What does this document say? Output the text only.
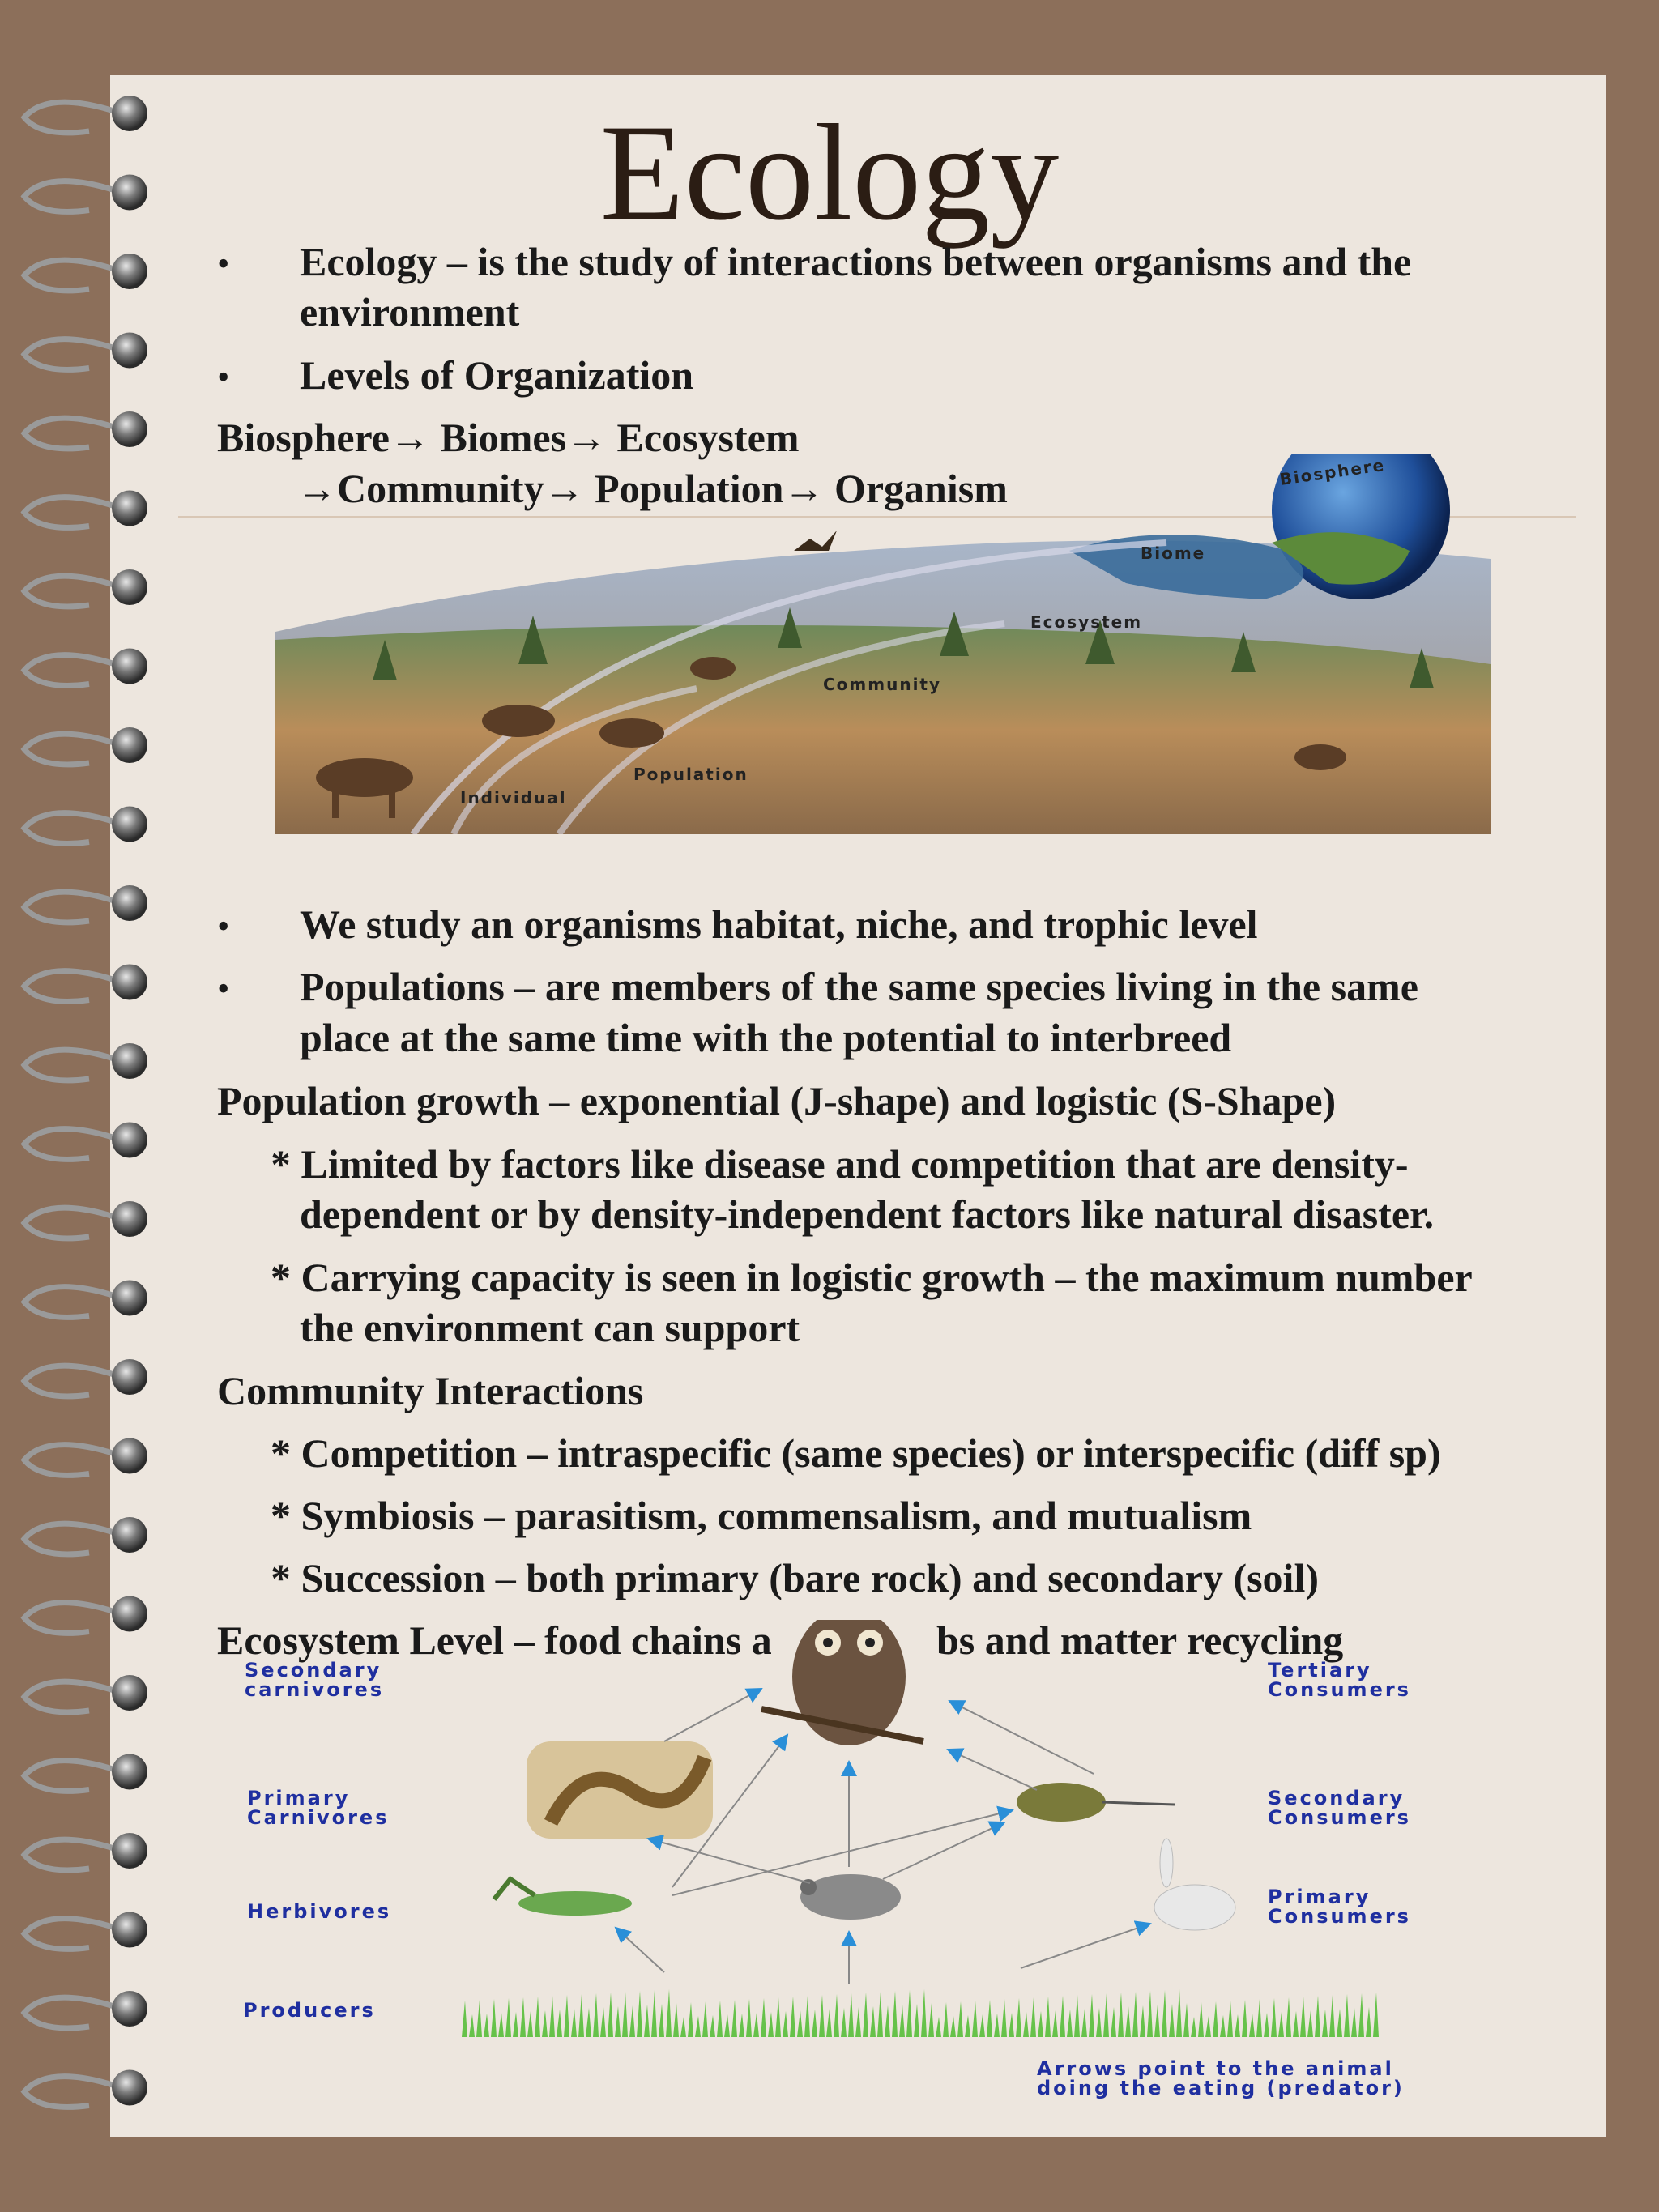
Ecology
• Ecology – is the study of interactions between organisms and the
environment
• Levels of Organization
Biosphere→ Biomes→ Ecosystem
→Community→ Population→ Organism	Biosphere
Biome
Ecosystem
Community
Population
Individual
• We study an organisms habitat, niche, and trophic level
• Populations – are members of the same species living in the same
place at the same time with the potential to interbreed
Population growth – exponential (J-shape) and logistic (S-Shape)
* Limited by factors like disease and competition that are density-
dependent or by density-independent factors like natural disaster.
* Carrying capacity is seen in logistic growth – the maximum number
the environment can support
Community Interactions
* Competition – intraspecific (same species) or interspecific (diff sp)
* Symbiosis – parasitism, commensalism, and mutualism
* Succession – both primary (bare rock) and secondary (soil)
Ecosystem Level – food chains a	bs and matter recycling
Secondary
carnivores
Primary
Carnivores
Herbivores
Producers
Tertiary
Consumers
Secondary
Consumers
Primary
Consumers
Arrows point to the animal
doing the eating (predator)
